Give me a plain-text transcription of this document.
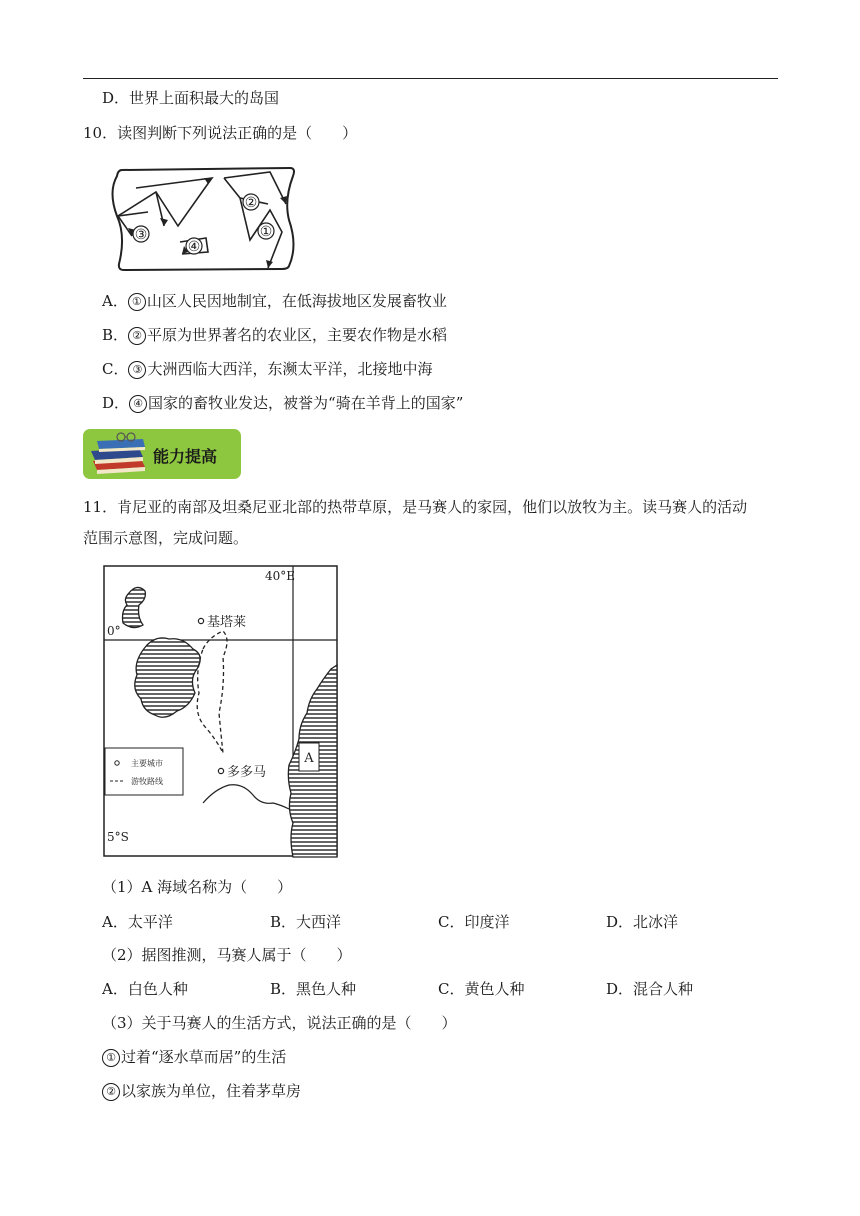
D．世界上面积最大的岛国
10．读图判断下列说法正确的是（　　）
②
①
③
④
A． ① 山区人民因地制宜，在低海拔地区发展畜牧业
B． ② 平原为世界著名的农业区，主要农作物是水稻
C． ③ 大洲西临大西洋，东濒太平洋，北接地中海
D． ④ 国家的畜牧业发达，被誉为“骑在羊背上的国家”
能力提高
11．肯尼亚的南部及坦桑尼亚北部的热带草原，是马赛人的家园，他们以放牧为主。读马赛人的活动
范围示意图，完成问题。
40°E
0°
5°S
基塔莱
多多马
A
主要城市
游牧路线
（1）A 海域名称为（　　）
A．太平洋	B．大西洋	C．印度洋	D．北冰洋
（2）据图推测，马赛人属于（　　）
A．白色人种	B．黑色人种	C．黄色人种	D．混合人种
（3）关于马赛人的生活方式，说法正确的是（　　）
① 过着“逐水草而居”的生活
② 以家族为单位，住着茅草房
